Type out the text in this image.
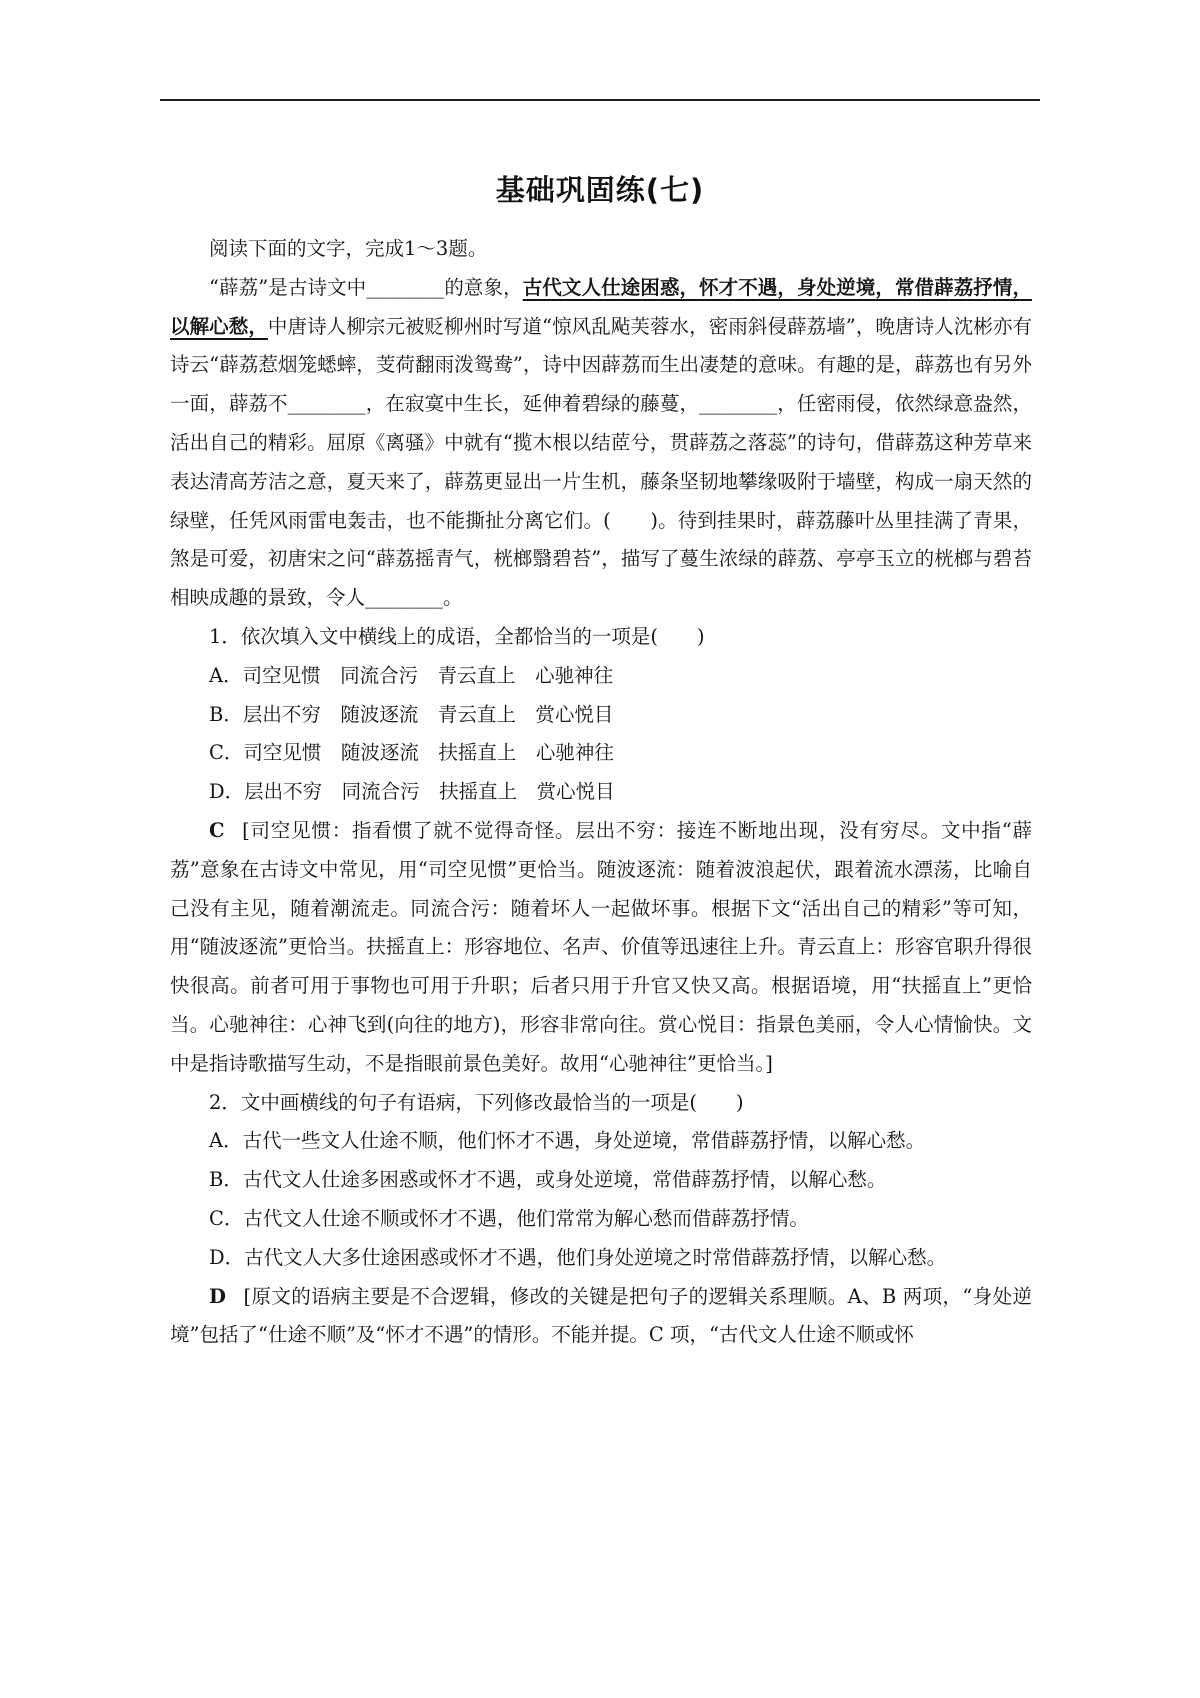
基础巩固练(七)

阅读下面的文字，完成1～3题。

“薜荔”是古诗文中________的意象，古代文人仕途困惑，怀才不遇，身处逆境，常借薜荔抒情，以解心愁，中唐诗人柳宗元被贬柳州时写道“惊风乱飐芙蓉水，密雨斜侵薜荔墙”，晚唐诗人沈彬亦有诗云“薜荔惹烟笼蟋蟀，芰荷翻雨泼鸳鸯”，诗中因薜荔而生出凄楚的意味。有趣的是，薜荔也有另外一面，薜荔不________，在寂寞中生长，延伸着碧绿的藤蔓，________，任密雨侵，依然绿意盎然，活出自己的精彩。屈原《离骚》中就有“揽木根以结茝兮，贯薜荔之落蕊”的诗句，借薜荔这种芳草来表达清高芳洁之意，夏天来了，薜荔更显出一片生机，藤条坚韧地攀缘吸附于墙壁，构成一扇天然的绿壁，任凭风雨雷电轰击，也不能撕扯分离它们。(　　)。待到挂果时，薜荔藤叶丛里挂满了青果，煞是可爱，初唐宋之问“薜荔摇青气，桄榔翳碧苔”，描写了蔓生浓绿的薜荔、亭亭玉立的桄榔与碧苔相映成趣的景致，令人________。

1．依次填入文中横线上的成语，全都恰当的一项是(　　)

A．司空见惯　同流合污　青云直上　心驰神往

B．层出不穷　随波逐流　青云直上　赏心悦目

C．司空见惯　随波逐流　扶摇直上　心驰神往

D．层出不穷　同流合污　扶摇直上　赏心悦目

C [司空见惯：指看惯了就不觉得奇怪。层出不穷：接连不断地出现，没有穷尽。文中指“薜荔”意象在古诗文中常见，用“司空见惯”更恰当。随波逐流：随着波浪起伏，跟着流水漂荡，比喻自己没有主见，随着潮流走。同流合污：随着坏人一起做坏事。根据下文“活出自己的精彩”等可知，用“随波逐流”更恰当。扶摇直上：形容地位、名声、价值等迅速往上升。青云直上：形容官职升得很快很高。前者可用于事物也可用于升职；后者只用于升官又快又高。根据语境，用“扶摇直上”更恰当。心驰神往：心神飞到(向往的地方)，形容非常向往。赏心悦目：指景色美丽，令人心情愉快。文中是指诗歌描写生动，不是指眼前景色美好。故用“心驰神往”更恰当。]

2．文中画横线的句子有语病，下列修改最恰当的一项是(　　)

A．古代一些文人仕途不顺，他们怀才不遇，身处逆境，常借薜荔抒情，以解心愁。

B．古代文人仕途多困惑或怀才不遇，或身处逆境，常借薜荔抒情，以解心愁。

C．古代文人仕途不顺或怀才不遇，他们常常为解心愁而借薜荔抒情。

D．古代文人大多仕途困惑或怀才不遇，他们身处逆境之时常借薜荔抒情，以解心愁。

D [原文的语病主要是不合逻辑，修改的关键是把句子的逻辑关系理顺。A、B 两项，“身处逆境”包括了“仕途不顺”及“怀才不遇”的情形。不能并提。C 项，“古代文人仕途不顺或怀
